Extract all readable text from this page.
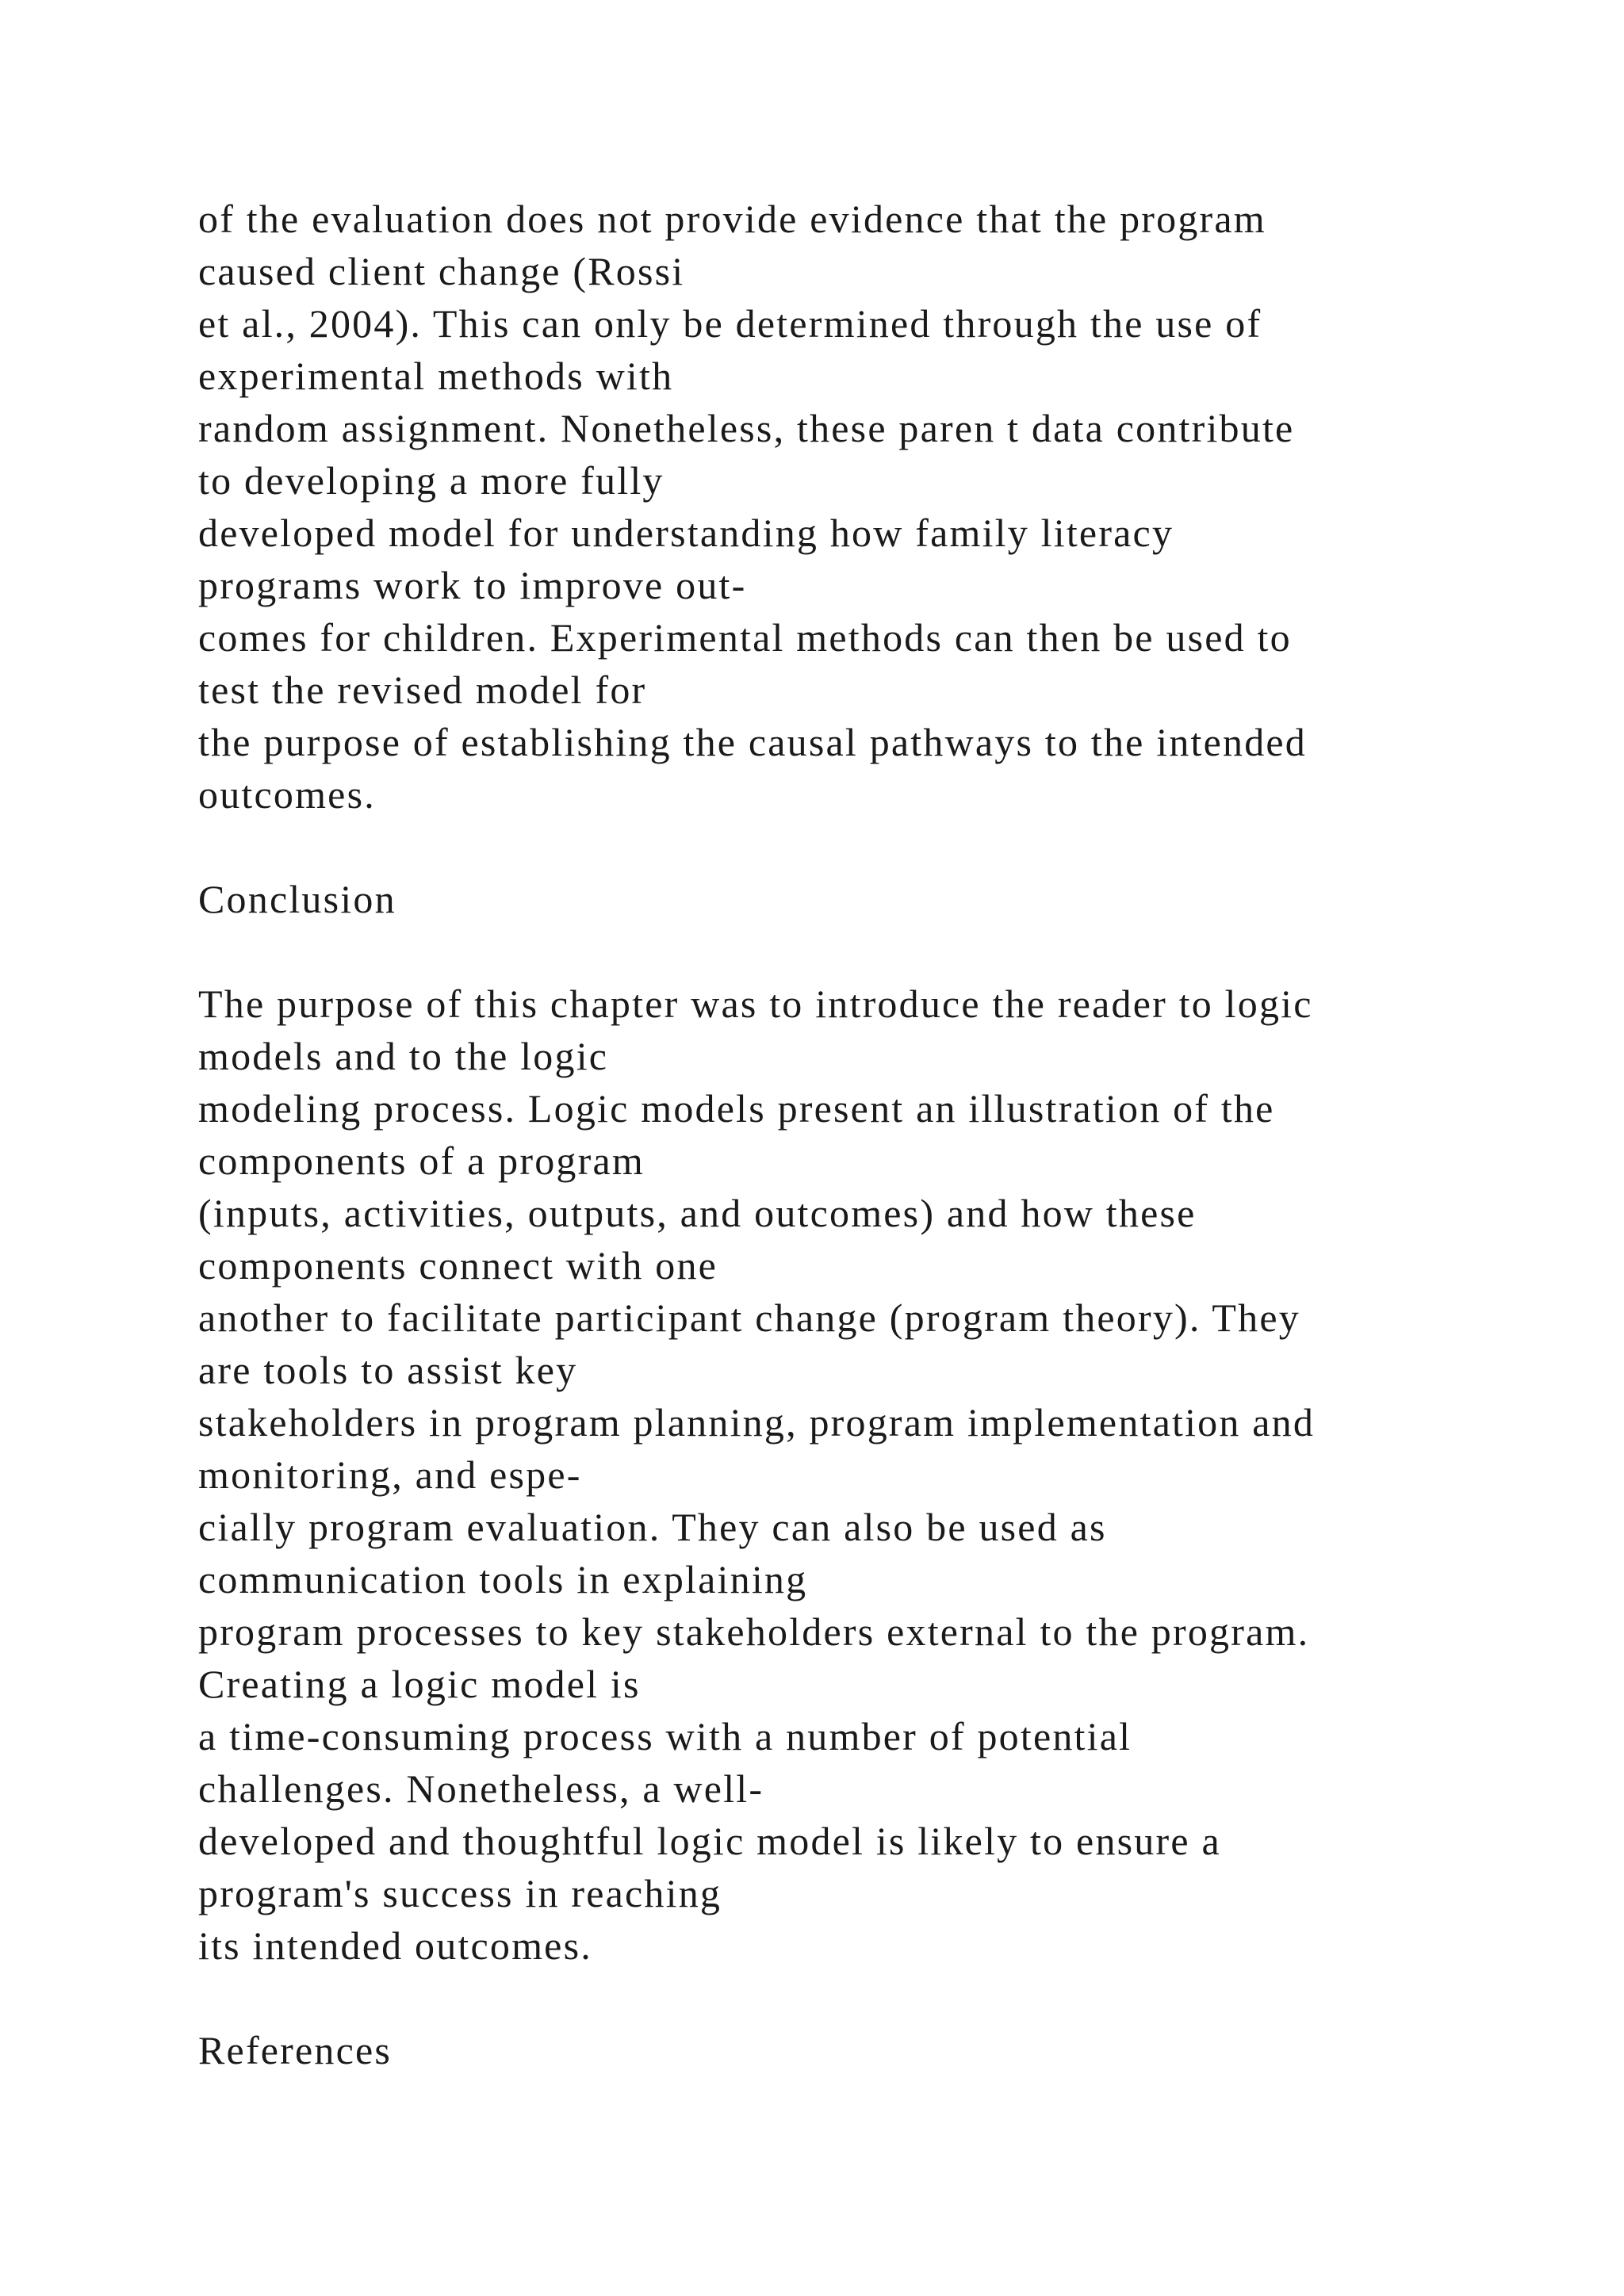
of the evaluation does not provide evidence that the program
caused client change (Rossi
et al., 2004). This can only be determined through the use of
experimental methods with
random assignment. Nonetheless, these paren t data contribute
to developing a more fully
developed model for understanding how family literacy
programs work to improve out-
comes for children. Experimental methods can then be used to
test the revised model for
the purpose of establishing the causal pathways to the intended
outcomes.
Conclusion
The purpose of this chapter was to introduce the reader to logic
models and to the logic
modeling process. Logic models present an illustration of the
components of a program
(inputs, activities, outputs, and outcomes) and how these
components connect with one
another to facilitate participant change (program theory). They
are tools to assist key
stakeholders in program planning, program implementation and
monitoring, and espe-
cially program evaluation. They can also be used as
communication tools in explaining
program processes to key stakeholders external to the program.
Creating a logic model is
a time-consuming process with a number of potential
challenges. Nonetheless, a well-
developed and thoughtful logic model is likely to ensure a
program's success in reaching
its intended outcomes.
References
